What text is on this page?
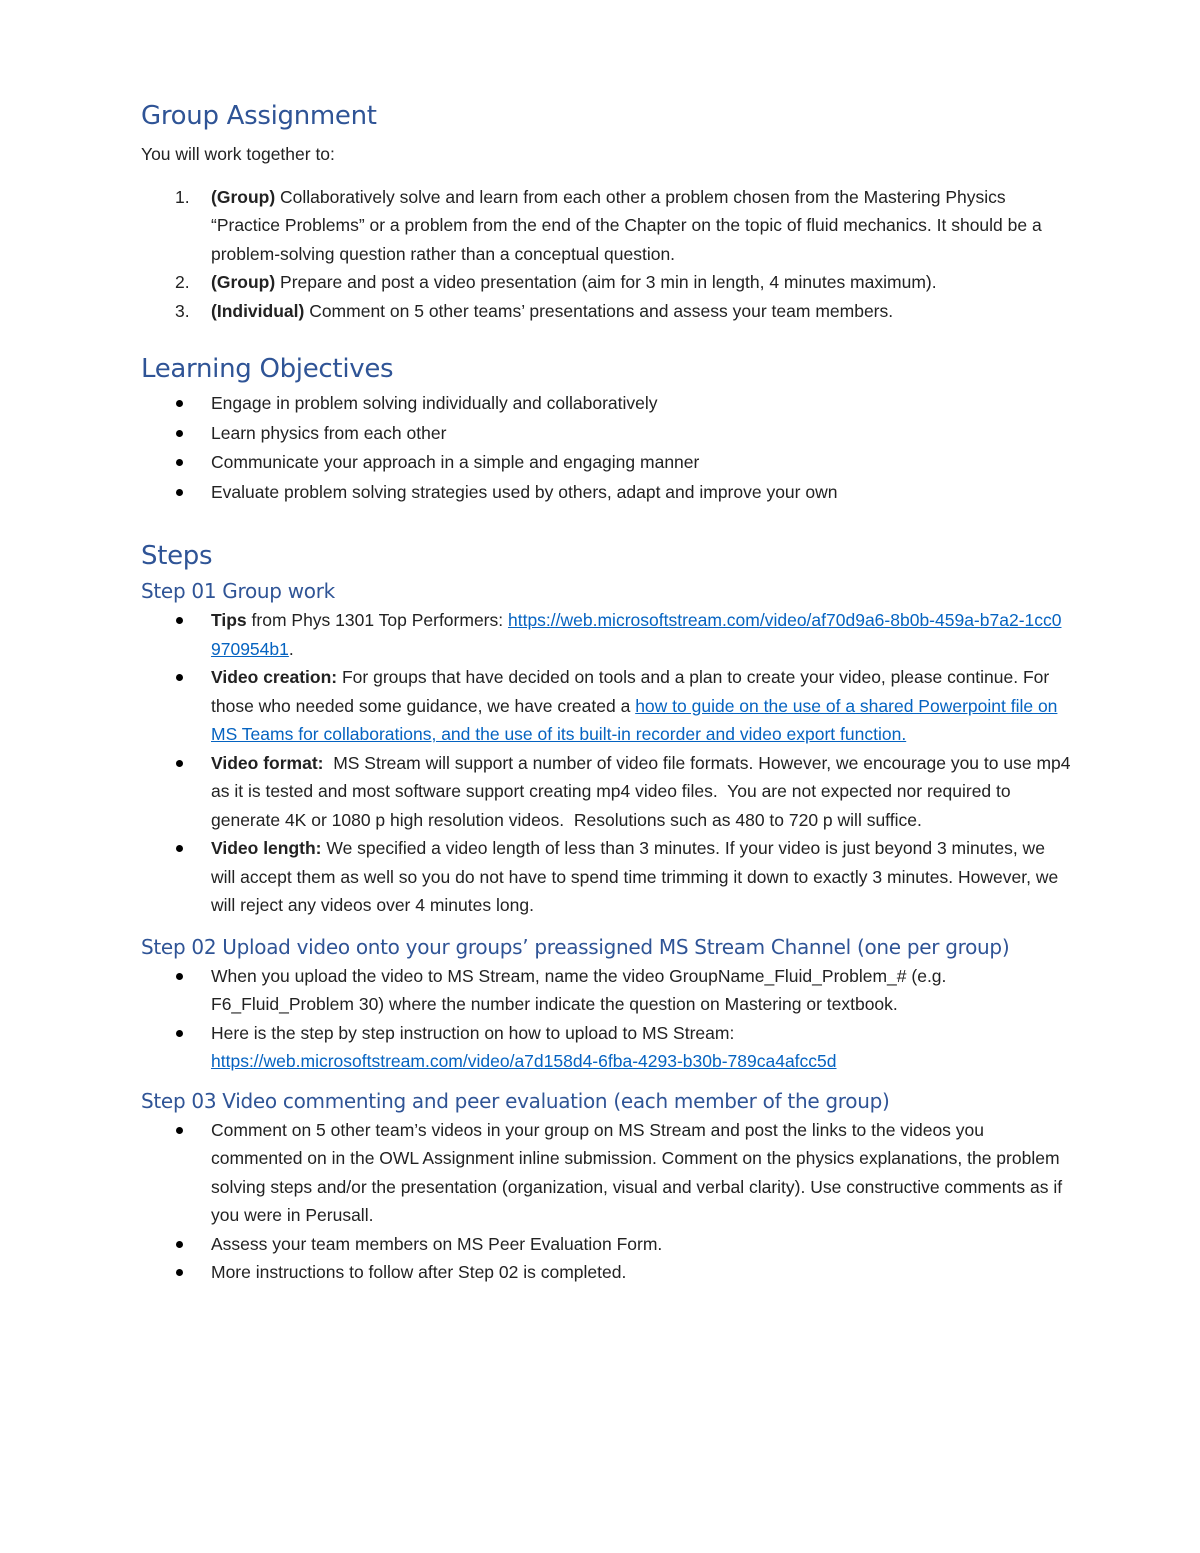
Group Assignment

You will work together to:

1. (Group) Collaboratively solve and learn from each other a problem chosen from the Mastering Physics “Practice Problems” or a problem from the end of the Chapter on the topic of fluid mechanics. It should be a problem-solving question rather than a conceptual question.
2. (Group) Prepare and post a video presentation (aim for 3 min in length, 4 minutes maximum).
3. (Individual) Comment on 5 other teams’ presentations and assess your team members.
Learning Objectives
Engage in problem solving individually and collaboratively
Learn physics from each other
Communicate your approach in a simple and engaging manner
Evaluate problem solving strategies used by others, adapt and improve your own
Steps
Step 01 Group work
Tips from Phys 1301 Top Performers: https://web.microsoftstream.com/video/af70d9a6-8b0b-459a-b7a2-1cc0970954b1.
Video creation: For groups that have decided on tools and a plan to create your video, please continue. For those who needed some guidance, we have created a how to guide on the use of a shared Powerpoint file on MS Teams for collaborations, and the use of its built-in recorder and video export function.
Video format:  MS Stream will support a number of video file formats. However, we encourage you to use mp4 as it is tested and most software support creating mp4 video files.  You are not expected nor required to generate 4K or 1080 p high resolution videos.  Resolutions such as 480 to 720 p will suffice.
Video length: We specified a video length of less than 3 minutes. If your video is just beyond 3 minutes, we will accept them as well so you do not have to spend time trimming it down to exactly 3 minutes. However, we will reject any videos over 4 minutes long.
Step 02 Upload video onto your groups’ preassigned MS Stream Channel (one per group)
When you upload the video to MS Stream, name the video GroupName_Fluid_Problem_# (e.g. F6_Fluid_Problem 30) where the number indicate the question on Mastering or textbook.
Here is the step by step instruction on how to upload to MS Stream:
https://web.microsoftstream.com/video/a7d158d4-6fba-4293-b30b-789ca4afcc5d
Step 03 Video commenting and peer evaluation (each member of the group)
Comment on 5 other team’s videos in your group on MS Stream and post the links to the videos you commented on in the OWL Assignment inline submission. Comment on the physics explanations, the problem solving steps and/or the presentation (organization, visual and verbal clarity). Use constructive comments as if you were in Perusall.
Assess your team members on MS Peer Evaluation Form.
More instructions to follow after Step 02 is completed.
